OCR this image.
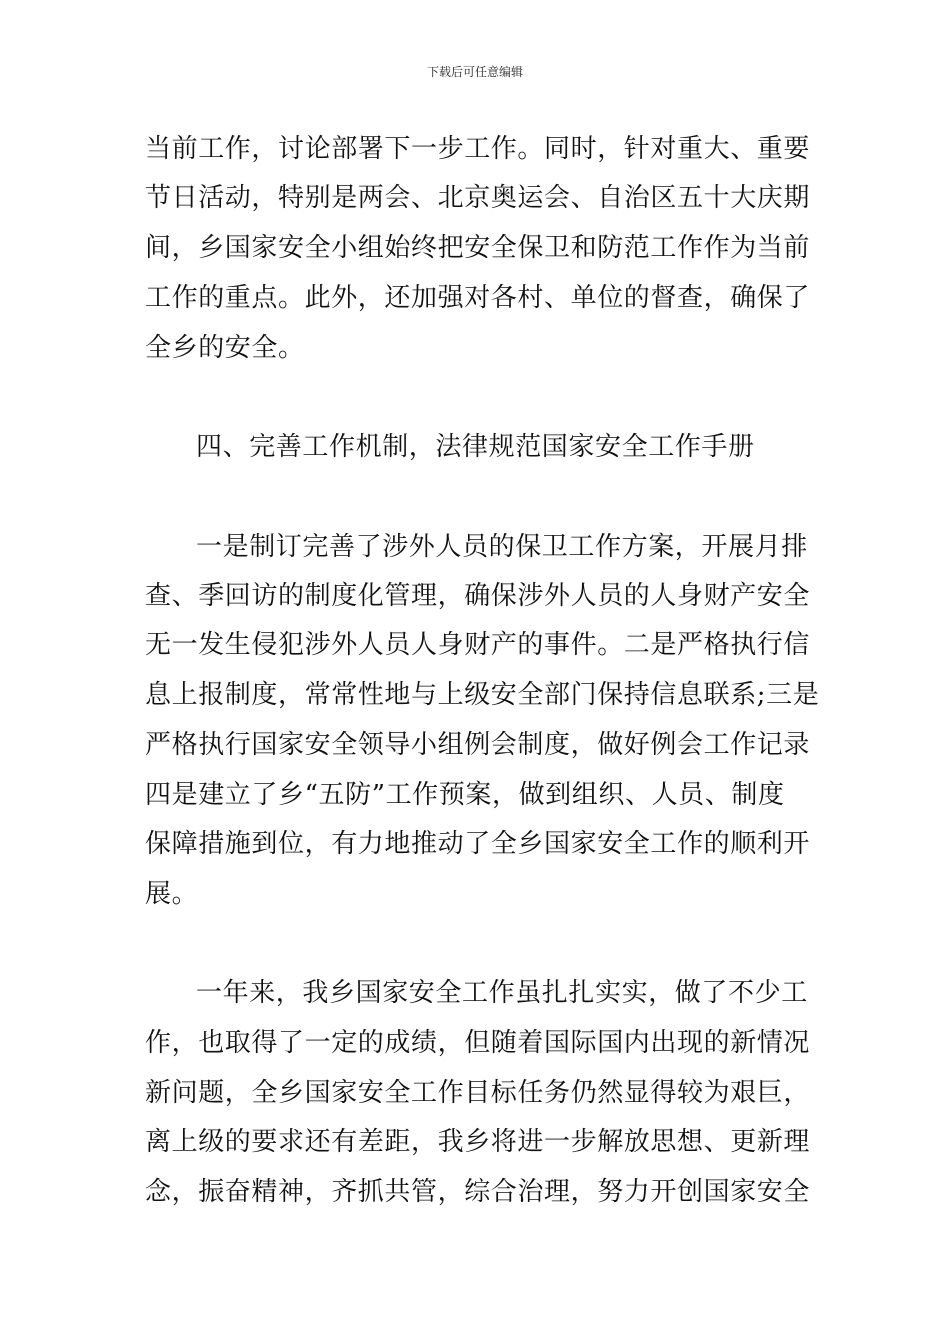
下载后可任意编辑
当前工作，讨论部署下一步工作。同时，针对重大、重要
节日活动，特别是两会、北京奥运会、自治区五十大庆期
间，乡国家安全小组始终把安全保卫和防范工作作为当前
工作的重点。此外，还加强对各村、单位的督查，确保了
全乡的安全。
四、完善工作机制，法律规范国家安全工作手册
一是制订完善了涉外人员的保卫工作方案，开展月排
查、季回访的制度化管理，确保涉外人员的人身财产安全
无一发生侵犯涉外人员人身财产的事件。二是严格执行信
息上报制度，常常性地与上级安全部门保持信息联系;三是
严格执行国家安全领导小组例会制度，做好例会工作记录
四是建立了乡“五防”工作预案，做到组织、人员、制度
保障措施到位，有力地推动了全乡国家安全工作的顺利开
展。
一年来，我乡国家安全工作虽扎扎实实，做了不少工
作，也取得了一定的成绩，但随着国际国内出现的新情况
新问题，全乡国家安全工作目标任务仍然显得较为艰巨，
离上级的要求还有差距，我乡将进一步解放思想、更新理
念，振奋精神，齐抓共管，综合治理，努力开创国家安全
